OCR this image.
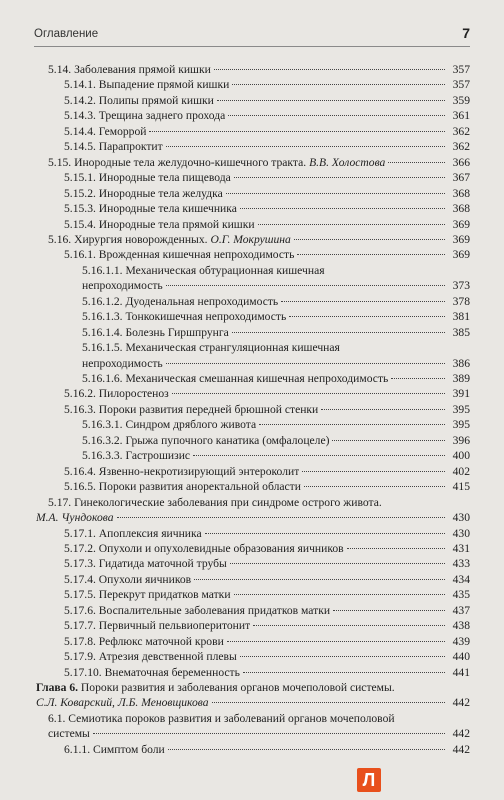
Оглавление	7
5.14. Заболевания прямой кишки	357
5.14.1. Выпадение прямой кишки	357
5.14.2. Полипы прямой кишки	359
5.14.3. Трещина заднего прохода	361
5.14.4. Геморрой	362
5.14.5. Парапроктит	362
5.15. Инородные тела желудочно-кишечного тракта. В.В. Холостова	366
5.15.1. Инородные тела пищевода	367
5.15.2. Инородные тела желудка	368
5.15.3. Инородные тела кишечника	368
5.15.4. Инородные тела прямой кишки	369
5.16. Хирургия новорожденных. О.Г. Мокрушина	369
5.16.1. Врожденная кишечная непроходимость	369
5.16.1.1. Механическая обтурационная кишечная
непроходимость	373
5.16.1.2. Дуоденальная непроходимость	378
5.16.1.3. Тонкокишечная непроходимость	381
5.16.1.4. Болезнь Гиршпрунга	385
5.16.1.5. Механическая странгуляционная кишечная
непроходимость	386
5.16.1.6. Механическая смешанная кишечная непроходимость	389
5.16.2. Пилоростеноз	391
5.16.3. Пороки развития передней брюшной стенки	395
5.16.3.1. Синдром дряблого живота	395
5.16.3.2. Грыжа пупочного канатика (омфалоцеле)	396
5.16.3.3. Гастрошизис	400
5.16.4. Язвенно-некротизирующий энтероколит	402
5.16.5. Пороки развития аноректальной области	415
5.17. Гинекологические заболевания при синдроме острого живота.
М.А. Чундокова	430
5.17.1. Апоплексия яичника	430
5.17.2. Опухоли и опухолевидные образования яичников	431
5.17.3. Гидатида маточной трубы	433
5.17.4. Опухоли яичников	434
5.17.5. Перекрут придатков матки	435
5.17.6. Воспалительные заболевания придатков матки	437
5.17.7. Первичный пельвиоперитонит	438
5.17.8. Рефлюкс маточной крови	439
5.17.9. Атрезия девственной плевы	440
5.17.10. Внематочная беременность	441
Глава 6. Пороки развития и заболевания органов мочеполовой системы.
С.Л. Коварский, Л.Б. Меновщикова	442
6.1. Семиотика пороков развития и заболеваний органов мочеполовой
системы	442
6.1.1. Симптом боли	442
Л
